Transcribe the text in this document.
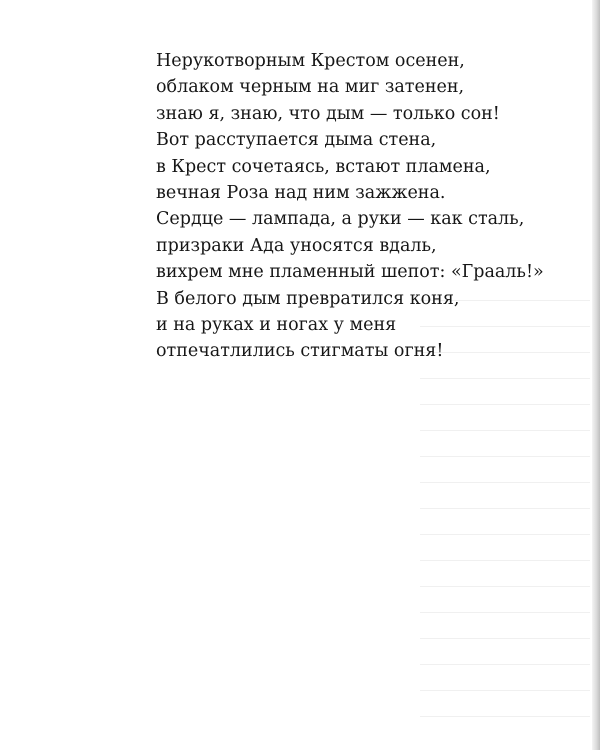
Нерукотворным Крестом осенен,
облаком черным на миг затенен,
знаю я, знаю, что дым — только сон!
Вот расступается дыма стена,
в Крест сочетаясь, встают пламена,
вечная Роза над ним зажжена.
Сердце — лампада, а руки — как сталь,
призраки Ада уносятся вдаль,
вихрем мне пламенный шепот: «Грааль!»
В белого дым превратился коня,
и на руках и ногах у меня
отпечатлились стигматы огня!
